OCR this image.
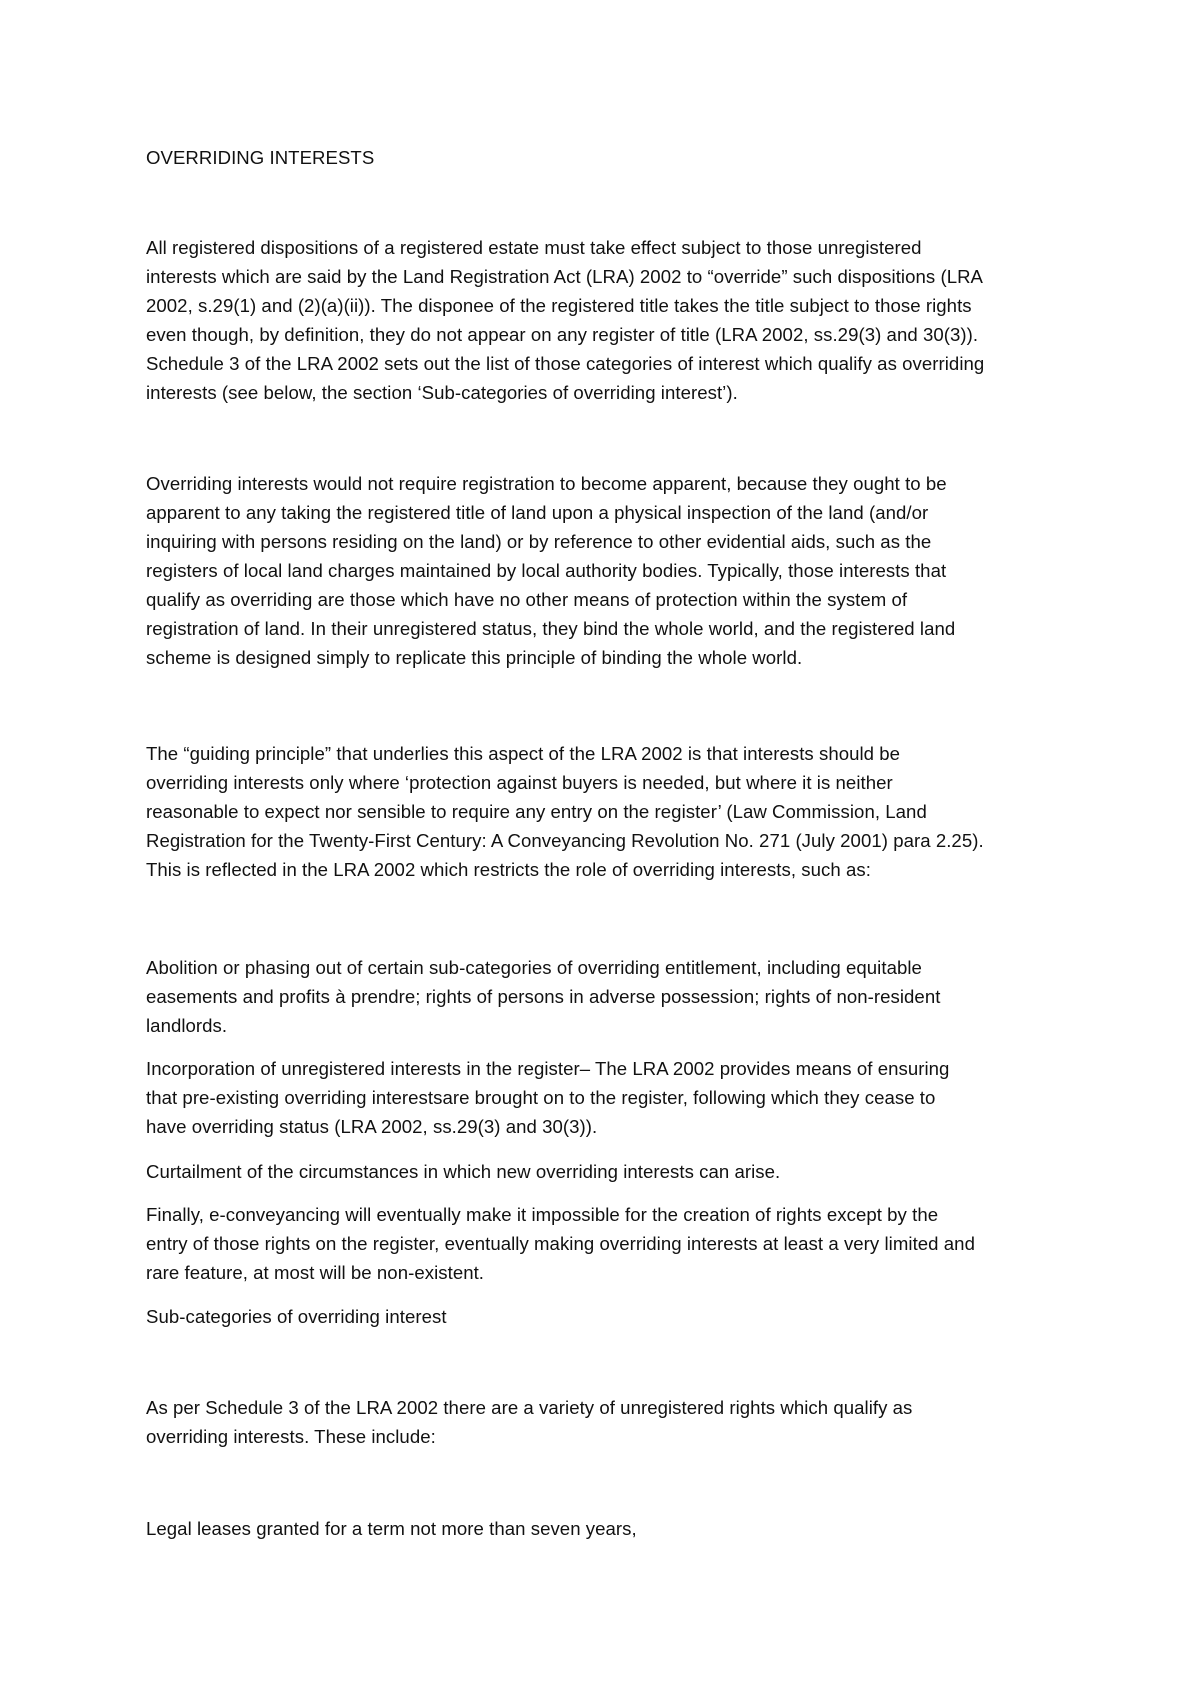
OVERRIDING INTERESTS
All registered dispositions of a registered estate must take effect subject to those unregistered
interests which are said by the Land Registration Act (LRA) 2002 to “override” such dispositions (LRA
2002, s.29(1) and (2)(a)(ii)). The disponee of the registered title takes the title subject to those rights
even though, by definition, they do not appear on any register of title (LRA 2002, ss.29(3) and 30(3)).
Schedule 3 of the LRA 2002 sets out the list of those categories of interest which qualify as overriding
interests (see below, the section ‘Sub-categories of overriding interest’).
Overriding interests would not require registration to become apparent, because they ought to be
apparent to any taking the registered title of land upon a physical inspection of the land (and/or
inquiring with persons residing on the land) or by reference to other evidential aids, such as the
registers of local land charges maintained by local authority bodies. Typically, those interests that
qualify as overriding are those which have no other means of protection within the system of
registration of land. In their unregistered status, they bind the whole world, and the registered land
scheme is designed simply to replicate this principle of binding the whole world.
The “guiding principle” that underlies this aspect of the LRA 2002 is that interests should be
overriding interests only where ‘protection against buyers is needed, but where it is neither
reasonable to expect nor sensible to require any entry on the register’ (Law Commission, Land
Registration for the Twenty-First Century: A Conveyancing Revolution No. 271 (July 2001) para 2.25).
This is reflected in the LRA 2002 which restricts the role of overriding interests, such as:
Abolition or phasing out of certain sub-categories of overriding entitlement, including equitable
easements and profits à prendre; rights of persons in adverse possession; rights of non-resident
landlords.
Incorporation of unregistered interests in the register– The LRA 2002 provides means of ensuring
that pre-existing overriding interestsare brought on to the register, following which they cease to
have overriding status (LRA 2002, ss.29(3) and 30(3)).
Curtailment of the circumstances in which new overriding interests can arise.
Finally, e-conveyancing will eventually make it impossible for the creation of rights except by the
entry of those rights on the register, eventually making overriding interests at least a very limited and
rare feature, at most will be non-existent.
Sub-categories of overriding interest
As per Schedule 3 of the LRA 2002 there are a variety of unregistered rights which qualify as
overriding interests. These include:
Legal leases granted for a term not more than seven years,
